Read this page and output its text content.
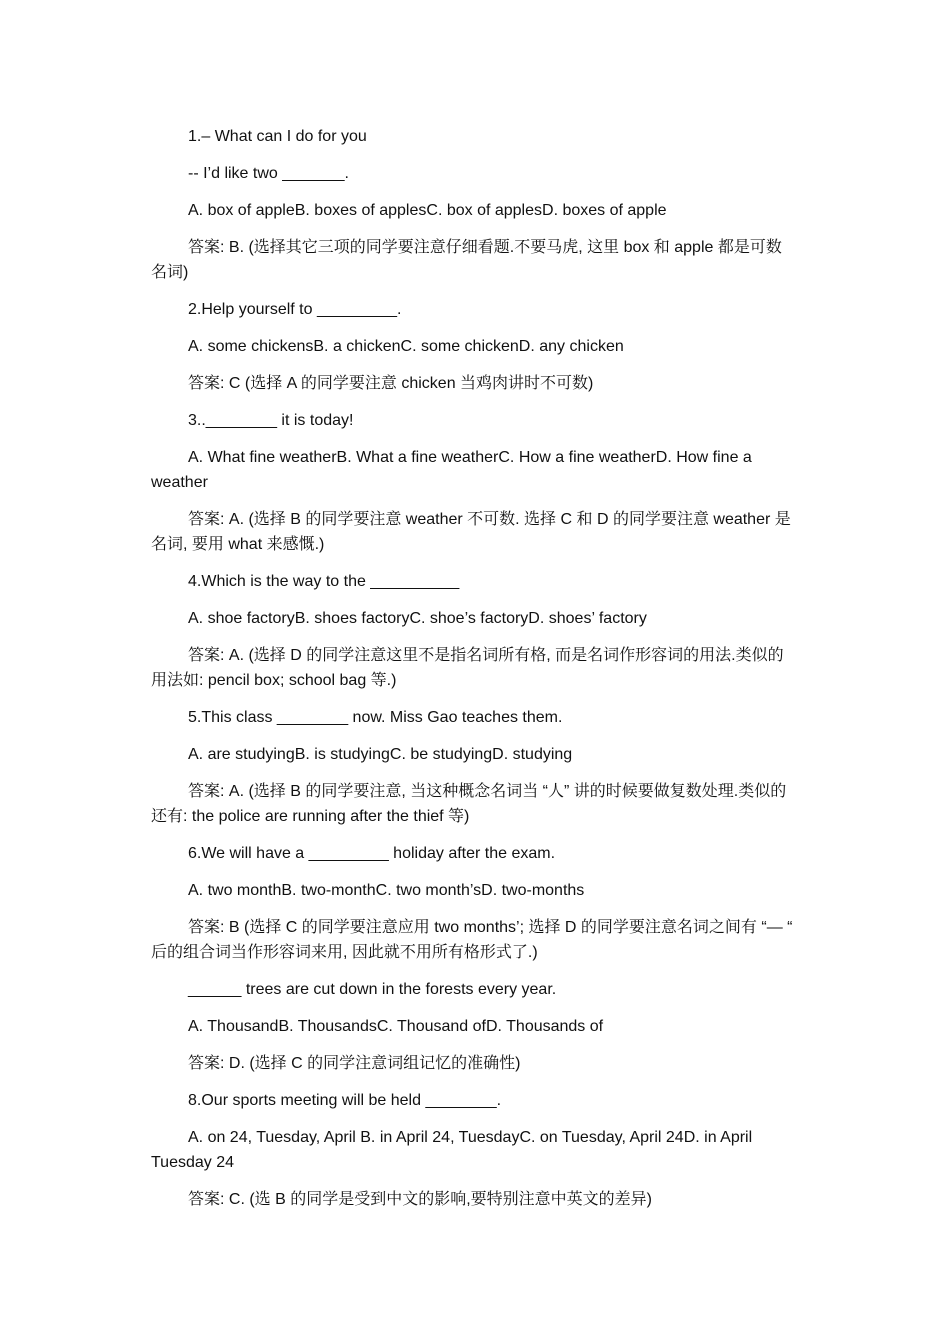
1.– What can I do for you

-- I’d like two _______.

A. box of appleB. boxes of applesC. box of applesD. boxes of apple

答案: B. (选择其它三项的同学要注意仔细看题.不要马虎, 这里 box 和 apple 都是可数名词)

2.Help yourself to _________.

A. some chickensB. a chickenC. some chickenD. any chicken

答案: C (选择 A 的同学要注意 chicken 当鸡肉讲时不可数)

3..________ it is today!

A. What fine weatherB. What a fine weatherC. How a fine weatherD. How fine a weather

答案: A. (选择 B 的同学要注意 weather 不可数. 选择 C 和 D 的同学要注意 weather 是名词, 要用 what 来感慨.)

4.Which is the way to the __________

A. shoe factoryB. shoes factoryC. shoe’s factoryD. shoes’ factory

答案: A. (选择 D 的同学注意这里不是指名词所有格, 而是名词作形容词的用法.类似的用法如: pencil box; school bag 等.)

5.This class ________ now. Miss Gao teaches them.

A. are studyingB. is studyingC. be studyingD. studying

答案: A. (选择 B 的同学要注意, 当这种概念名词当 “人” 讲的时候要做复数处理.类似的还有: the police are running after the thief 等)

6.We will have a _________ holiday after the exam.

A. two monthB. two-monthC. two month’sD. two-months

答案: B (选择 C 的同学要注意应用 two months’; 选择 D 的同学要注意名词之间有 “— “ 后的组合词当作形容词来用, 因此就不用所有格形式了.)

______ trees are cut down in the forests every year.

A. ThousandB. ThousandsC. Thousand ofD. Thousands of

答案: D. (选择 C 的同学注意词组记忆的准确性)

8.Our sports meeting will be held ________.

A. on 24, Tuesday, April B. in April 24, TuesdayC. on Tuesday, April 24D. in April Tuesday 24

答案: C. (选 B 的同学是受到中文的影响,要特别注意中英文的差异)
